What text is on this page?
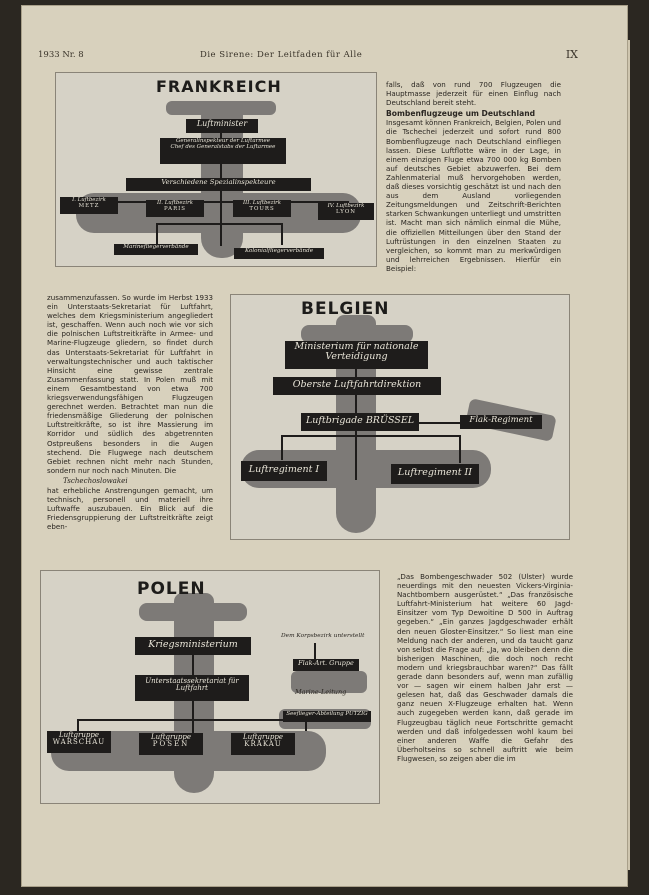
1933 Nr. 8	Die Sirene: Der Leitfaden für Alle	IX
FRANKREICH
Luftminister
Generalinspekteur der Luftarmee
Chef des Generalstabs der Luftarmee
Verschiedene Spezialinspekteure
I. Luftbezirk
METZ	II. Luftbezirk
PARIS
III. Luftbezirk
TOURS	IV. Luftbezirk
LYON
Marinefliegerverbände
Kolonialfliegerverbände

falls, daß von rund 700 Flugzeugen die Hauptmasse jederzeit für einen Einflug nach Deutschland bereit steht.

Bombenflugzeuge um Deutschland

Insgesamt können Frankreich, Belgien, Polen und die Tschechei jederzeit und sofort rund 800 Bombenflugzeuge nach Deutschland einfliegen lassen. Diese Luftflotte wäre in der Lage, in einem einzigen Fluge etwa 700 000 kg Bomben auf deutsches Gebiet abzuwerfen. Bei dem Zahlenmaterial muß hervorgehoben werden, daß dieses vorsichtig geschätzt ist und nach den aus dem Ausland vorliegenden Zeitungsmeldungen und Zeitschrift-Berichten starken Schwankungen unterliegt und umstritten ist. Macht man sich nämlich einmal die Mühe, die offiziellen Mitteilungen über den Stand der Luftrüstungen in den einzelnen Staaten zu vergleichen, so kommt man zu merkwürdigen und lehrreichen Ergebnissen. Hierfür ein Beispiel:

zusammenzufassen. So wurde im Herbst 1933 ein Unterstaats-Sekretariat für Luftfahrt, welches dem Kriegsministerium angegliedert ist, geschaffen. Wenn auch noch wie vor sich die polnischen Luftstreitkräfte in Armee- und Marine-Flugzeuge gliedern, so findet durch das Unterstaats-Sekretariat für Luftfahrt in verwaltungstechnischer und auch taktischer Hinsicht eine gewisse zentrale Zusammenfassung statt. In Polen muß mit einem Gesamtbestand von etwa 700 kriegsverwendungsfähigen Flugzeugen gerechnet werden. Betrachtet man nun die friedensmäßige Gliederung der polnischen Luftstreitkräfte, so ist ihre Massierung im Korridor und südlich des abgetrennten Ostpreußens besonders in die Augen stechend. Die Flugwege nach deutschem Gebiet rechnen nicht mehr nach Stunden, sondern nur noch nach Minuten. Die

Tschechoslowakei

hat erhebliche Anstrengungen gemacht, um technisch, personell und materiell ihre Luftwaffe auszubauen. Ein Blick auf die Friedensgruppierung der Luftstreitkräfte zeigt eben-

BELGIEN
Ministerium für nationale Verteidigung
Oberste Luftfahrtdirektion
Luftbrigade BRÜSSEL	Flak-Regiment
Luftregiment I	Luftregiment II
POLEN
Kriegsministerium
Unterstaatssekretariat für Luftfahrt
Dem Korpsbezirk unterstellt
Flak-Art. Gruppe
Marine-Leitung
Seeflieger-Abteilung PUTZIG
Luftgruppe
WARSCHAU
Luftgruppe
POSEN
Luftgruppe
KRAKAU

„Das Bombengeschwader 502 (Ulster) wurde neuerdings mit den neuesten Vickers-Virginia-Nachtbombern ausgerüstet.“ „Das französische Luftfahrt-Ministerium hat weitere 60 Jagd-Einsitzer vom Typ Dewoitine D 500 in Auftrag gegeben.“ „Ein ganzes Jagdgeschwader erhält den neuen Gloster-Einsitzer.“ So liest man eine Meldung nach der anderen, und da taucht ganz von selbst die Frage auf: „Ja, wo bleiben denn die bisherigen Maschinen, die doch noch recht modern und kriegsbrauchbar waren?“ Das fällt gerade dann besonders auf, wenn man zufällig vor — sagen wir einem halben Jahr erst — gelesen hat, daß das Geschwader damals die ganz neuen X-Flugzeuge erhalten hat. Wenn auch zugegeben werden kann, daß gerade im Flugzeugbau täglich neue Fortschritte gemacht werden und daß infolgedessen wohl kaum bei einer anderen Waffe die Gefahr des Überholtseins so schnell auftritt wie beim Flugwesen, so zeigen aber die im
